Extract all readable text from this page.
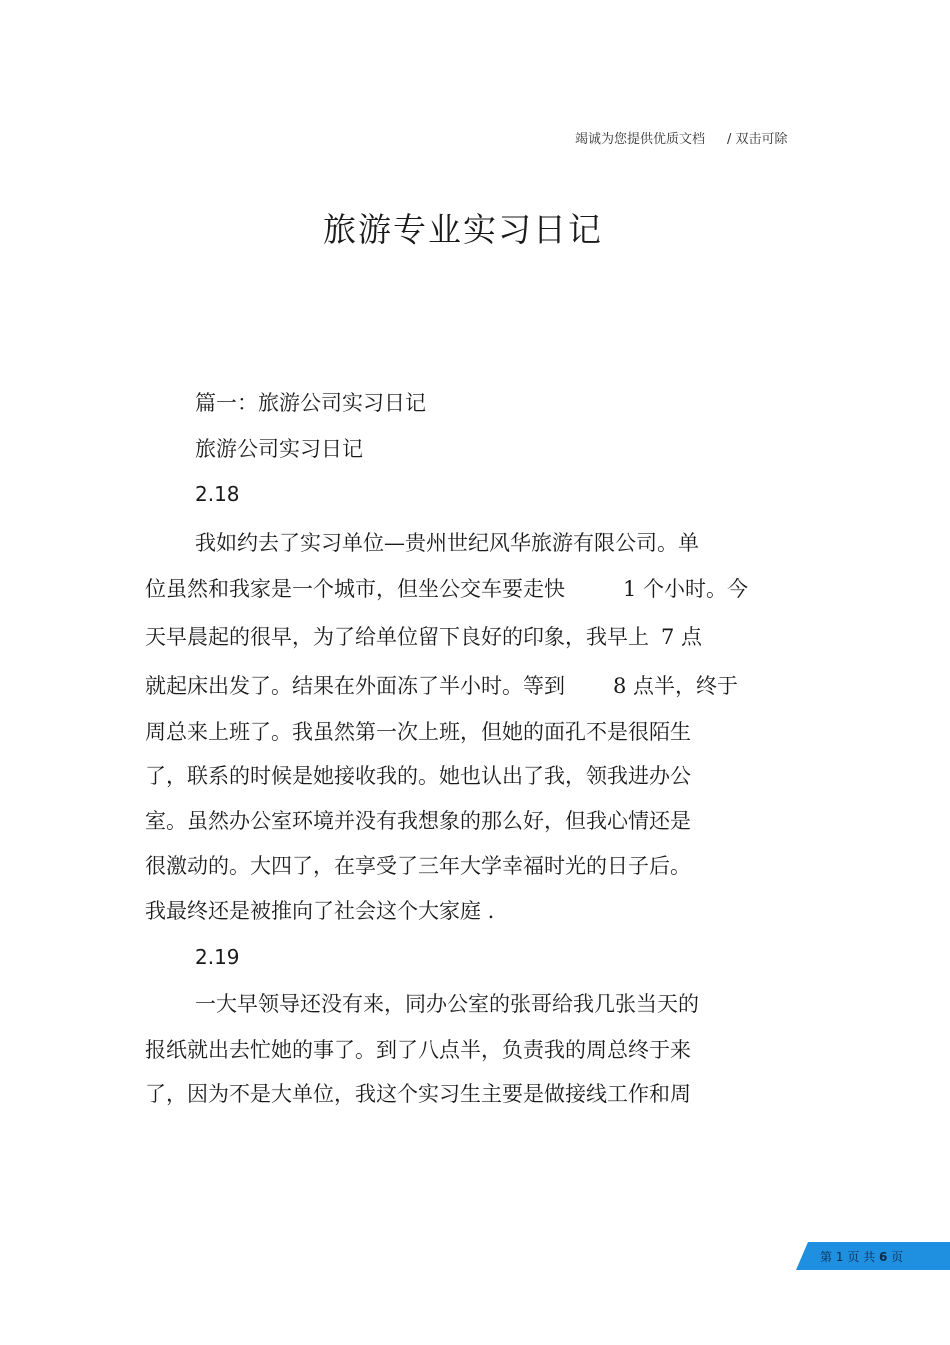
竭诚为您提供优质文档 / 双击可除
旅游专业实习日记
篇一：旅游公司实习日记
旅游公司实习日记
2.18
我如约去了实习单位—贵州世纪风华旅游有限公司。单
位虽然和我家是一个城市，但坐公交车要走快	1 个小时。今
天早晨起的很早，为了给单位留下良好的印象，我早上 7 点
就起床出发了。结果在外面冻了半小时。等到 8 点半，终于
周总来上班了。我虽然第一次上班，但她的面孔不是很陌生
了，联系的时候是她接收我的。她也认出了我，领我进办公
室。虽然办公室环境并没有我想象的那么好，但我心情还是
很激动的。大四了，在享受了三年大学幸福时光的日子后。
我最终还是被推向了社会这个大家庭 .
2.19
一大早领导还没有来，同办公室的张哥给我几张当天的
报纸就出去忙她的事了。到了八点半，负责我的周总终于来
了，因为不是大单位，我这个实习生主要是做接线工作和周
第 1 页 共 6 页
